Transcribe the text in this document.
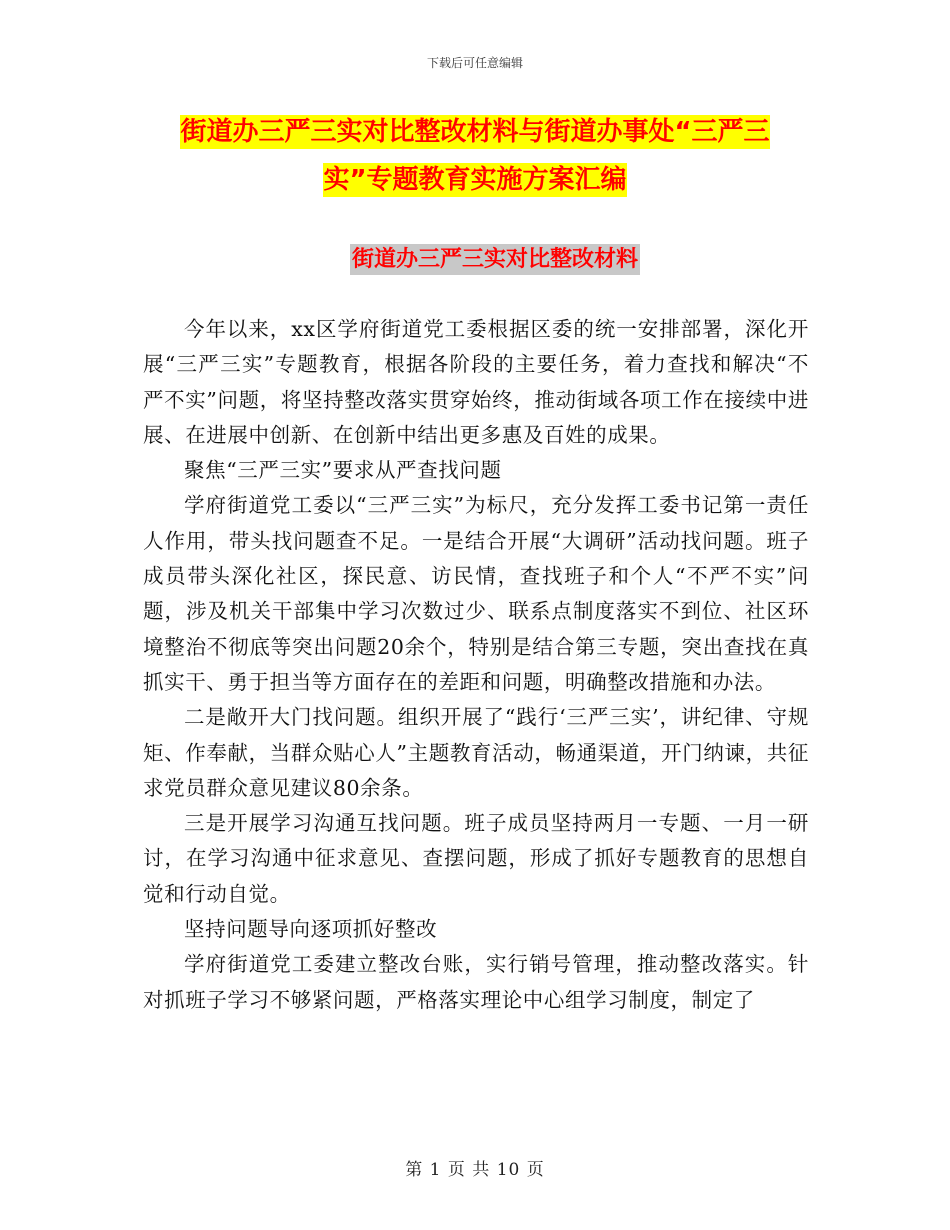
下载后可任意编辑
街道办三严三实对比整改材料与街道办事处“三严三
实”专题教育实施方案汇编
街道办三严三实对比整改材料

今年以来，xx区学府街道党工委根据区委的统一安排部署，深化开展“三严三实”专题教育，根据各阶段的主要任务，着力查找和解决“不严不实”问题，将坚持整改落实贯穿始终，推动街域各项工作在接续中进展、在进展中创新、在创新中结出更多惠及百姓的成果。

聚焦“三严三实”要求从严查找问题

学府街道党工委以“三严三实”为标尺，充分发挥工委书记第一责任人作用，带头找问题查不足。一是结合开展“大调研”活动找问题。班子成员带头深化社区，探民意、访民情，查找班子和个人“不严不实”问题，涉及机关干部集中学习次数过少、联系点制度落实不到位、社区环境整治不彻底等突出问题20余个，特别是结合第三专题，突出查找在真抓实干、勇于担当等方面存在的差距和问题，明确整改措施和办法。

二是敞开大门找问题。组织开展了“践行‘三严三实’，讲纪律、守规矩、作奉献，当群众贴心人”主题教育活动，畅通渠道，开门纳谏，共征求党员群众意见建议80余条。

三是开展学习沟通互找问题。班子成员坚持两月一专题、一月一研讨，在学习沟通中征求意见、查摆问题，形成了抓好专题教育的思想自觉和行动自觉。

坚持问题导向逐项抓好整改

学府街道党工委建立整改台账，实行销号管理，推动整改落实。针对抓班子学习不够紧问题，严格落实理论中心组学习制度，制定了

第 1 页 共 10 页
